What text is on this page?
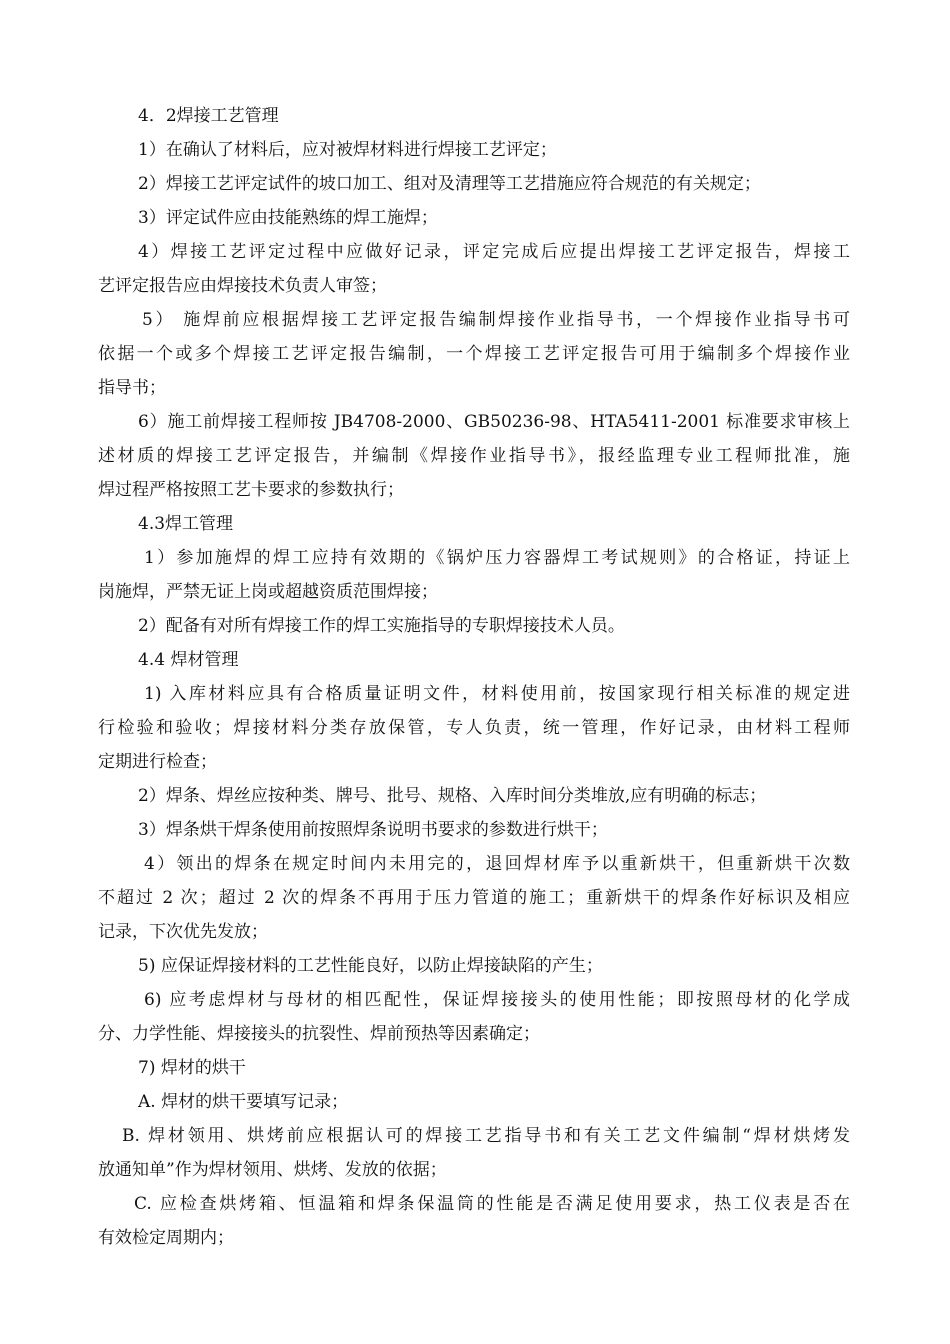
4．2焊接工艺管理
1）在确认了材料后，应对被焊材料进行焊接工艺评定；
2）焊接工艺评定试件的坡口加工、组对及清理等工艺措施应符合规范的有关规定；
3）评定试件应由技能熟练的焊工施焊；
4）焊接工艺评定过程中应做好记录，评定完成后应提出焊接工艺评定报告，焊接工
艺评定报告应由焊接技术负责人审签；
5） 施焊前应根据焊接工艺评定报告编制焊接作业指导书，一个焊接作业指导书可
依据一个或多个焊接工艺评定报告编制，一个焊接工艺评定报告可用于编制多个焊接作业
指导书；
6）施工前焊接工程师按 JB4708-2000、GB50236-98、HTA5411-2001 标准要求审核上
述材质的焊接工艺评定报告，并编制《焊接作业指导书》，报经监理专业工程师批准，施
焊过程严格按照工艺卡要求的参数执行；
4.3焊工管理
1）参加施焊的焊工应持有效期的《锅炉压力容器焊工考试规则》的合格证，持证上
岗施焊，严禁无证上岗或超越资质范围焊接；
2）配备有对所有焊接工作的焊工实施指导的专职焊接技术人员。
4.4 焊材管理
1) 入库材料应具有合格质量证明文件，材料使用前，按国家现行相关标准的规定进
行检验和验收；焊接材料分类存放保管，专人负责，统一管理，作好记录，由材料工程师
定期进行检查；
2）焊条、焊丝应按种类、牌号、批号、规格、入库时间分类堆放,应有明确的标志；
3）焊条烘干焊条使用前按照焊条说明书要求的参数进行烘干；
4）领出的焊条在规定时间内未用完的，退回焊材库予以重新烘干，但重新烘干次数
不超过 2 次；超过 2 次的焊条不再用于压力管道的施工；重新烘干的焊条作好标识及相应
记录，下次优先发放；
5) 应保证焊接材料的工艺性能良好，以防止焊接缺陷的产生；
6) 应考虑焊材与母材的相匹配性，保证焊接接头的使用性能；即按照母材的化学成
分、力学性能、焊接接头的抗裂性、焊前预热等因素确定；
7) 焊材的烘干
A. 焊材的烘干要填写记录；
B. 焊材领用、烘烤前应根据认可的焊接工艺指导书和有关工艺文件编制“焊材烘烤发
放通知单”作为焊材领用、烘烤、发放的依据；
C. 应检查烘烤箱、恒温箱和焊条保温筒的性能是否满足使用要求，热工仪表是否在
有效检定周期内；
